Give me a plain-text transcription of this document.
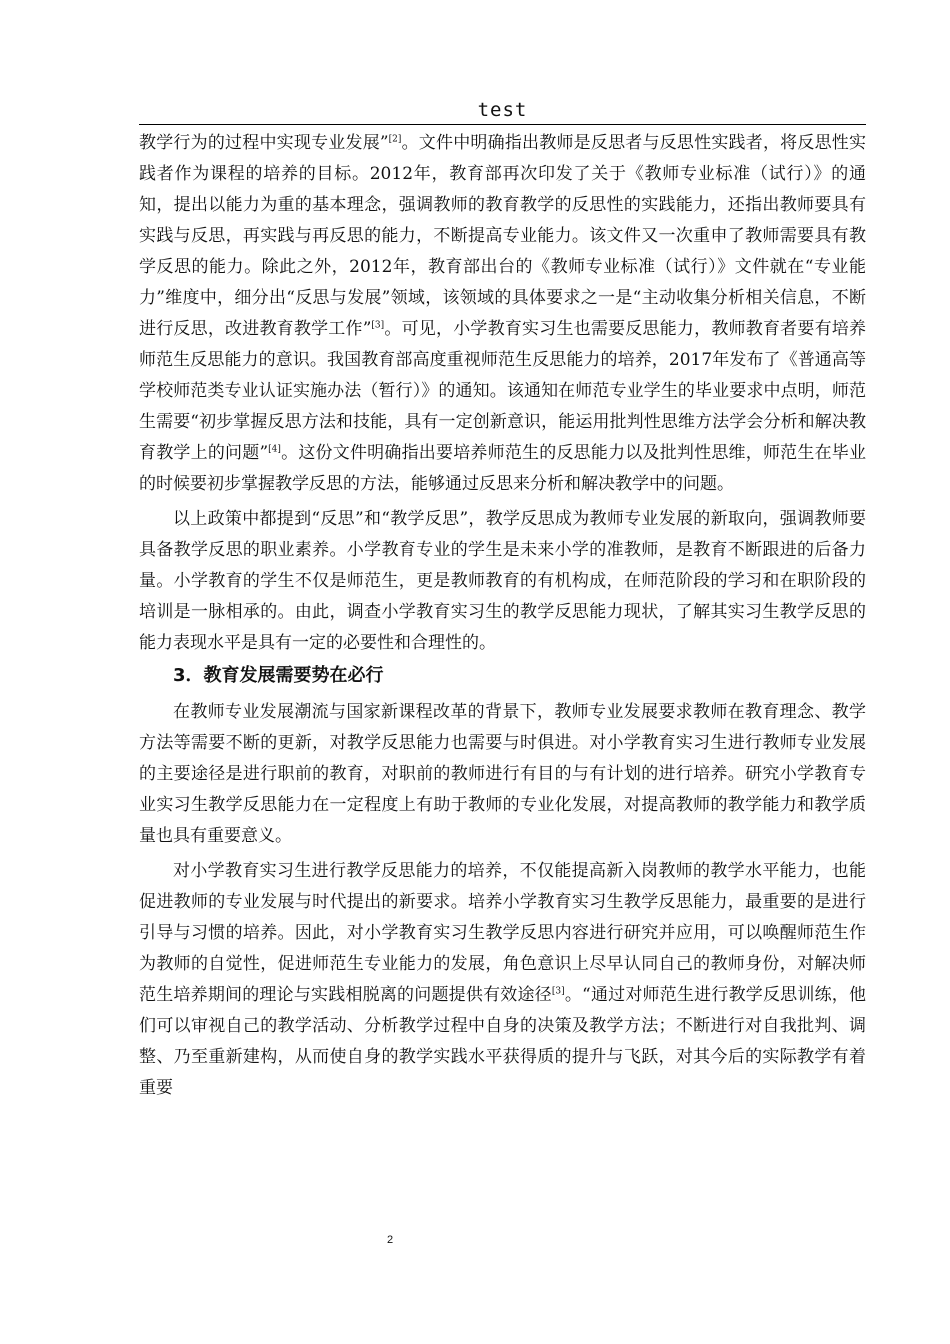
test

教学行为的过程中实现专业发展”[2]。文件中明确指出教师是反思者与反思性实践者，将反思性实践者作为课程的培养的目标。2012年，教育部再次印发了关于《教师专业标准（试行）》的通知，提出以能力为重的基本理念，强调教师的教育教学的反思性的实践能力，还指出教师要具有实践与反思，再实践与再反思的能力，不断提高专业能力。该文件又一次重申了教师需要具有教学反思的能力。除此之外，2012年，教育部出台的《教师专业标准（试行）》文件就在“专业能力”维度中，细分出“反思与发展”领域，该领域的具体要求之一是“主动收集分析相关信息，不断进行反思，改进教育教学工作”[3]。可见，小学教育实习生也需要反思能力，教师教育者要有培养师范生反思能力的意识。我国教育部高度重视师范生反思能力的培养，2017年发布了《普通高等学校师范类专业认证实施办法（暂行）》的通知。该通知在师范专业学生的毕业要求中点明，师范生需要“初步掌握反思方法和技能，具有一定创新意识，能运用批判性思维方法学会分析和解决教育教学上的问题”[4]。这份文件明确指出要培养师范生的反思能力以及批判性思维，师范生在毕业的时候要初步掌握教学反思的方法，能够通过反思来分析和解决教学中的问题。

以上政策中都提到“反思”和“教学反思”，教学反思成为教师专业发展的新取向，强调教师要具备教学反思的职业素养。小学教育专业的学生是未来小学的准教师，是教育不断跟进的后备力量。小学教育的学生不仅是师范生，更是教师教育的有机构成，在师范阶段的学习和在职阶段的培训是一脉相承的。由此，调查小学教育实习生的教学反思能力现状，了解其实习生教学反思的能力表现水平是具有一定的必要性和合理性的。

3．教育发展需要势在必行

在教师专业发展潮流与国家新课程改革的背景下，教师专业发展要求教师在教育理念、教学方法等需要不断的更新，对教学反思能力也需要与时俱进。对小学教育实习生进行教师专业发展的主要途径是进行职前的教育，对职前的教师进行有目的与有计划的进行培养。研究小学教育专业实习生教学反思能力在一定程度上有助于教师的专业化发展，对提高教师的教学能力和教学质量也具有重要意义。

对小学教育实习生进行教学反思能力的培养，不仅能提高新入岗教师的教学水平能力，也能促进教师的专业发展与时代提出的新要求。培养小学教育实习生教学反思能力，最重要的是进行引导与习惯的培养。因此，对小学教育实习生教学反思内容进行研究并应用，可以唤醒师范生作为教师的自觉性，促进师范生专业能力的发展，角色意识上尽早认同自己的教师身份，对解决师范生培养期间的理论与实践相脱离的问题提供有效途径[3]。“通过对师范生进行教学反思训练，他们可以审视自己的教学活动、分析教学过程中自身的决策及教学方法；不断进行对自我批判、调整、乃至重新建构，从而使自身的教学实践水平获得质的提升与飞跃，对其今后的实际教学有着重要

2
